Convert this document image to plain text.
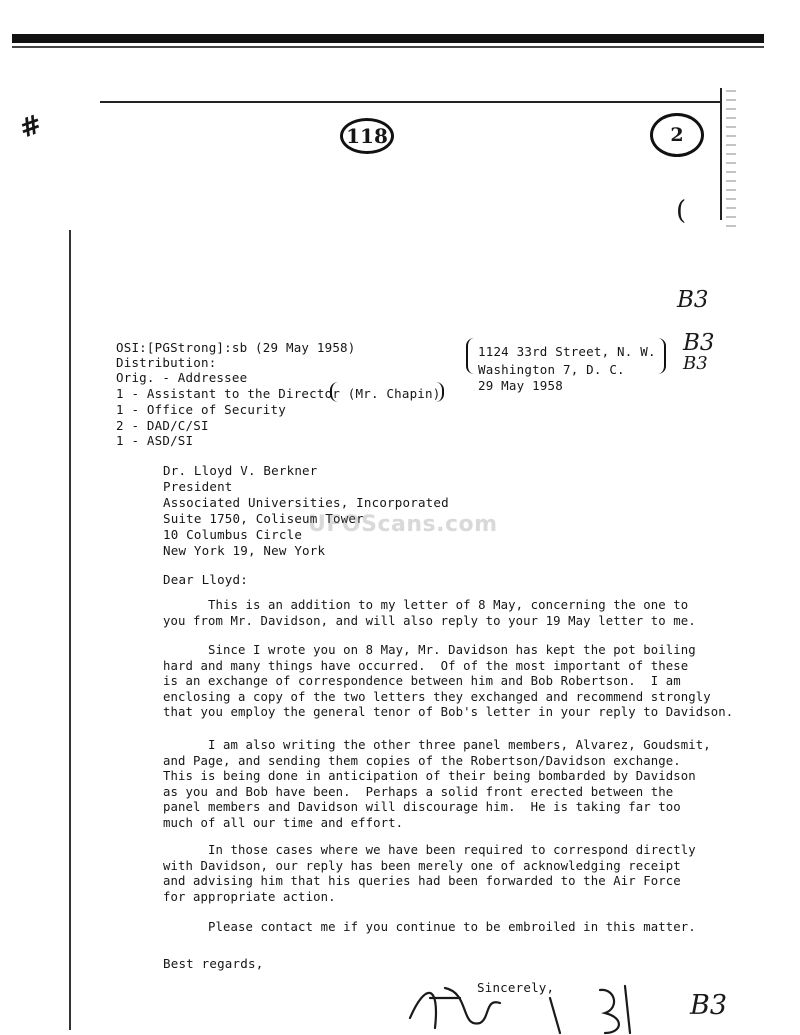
#	118	2
(
B3
B3
B3
B3
OSI:[PGStrong]:sb (29 May 1958)
Distribution:
Orig. - Addressee
1 - Assistant to the Director (Mr. Chapin)
1 - Office of Security
2 - DAD/C/SI
1 - ASD/SI
1124 33rd Street, N. W.
Washington 7, D. C.
29 May 1958
Dr. Lloyd V. Berkner
President
Associated Universities, Incorporated
Suite 1750, Coliseum Tower
10 Columbus Circle
New York 19, New York
UFOScans.com
Dear Lloyd:
This is an addition to my letter of 8 May, concerning the one to
you from Mr. Davidson, and will also reply to your 19 May letter to me.
Since I wrote you on 8 May, Mr. Davidson has kept the pot boiling
hard and many things have occurred.  Of of the most important of these
is an exchange of correspondence between him and Bob Robertson.  I am
enclosing a copy of the two letters they exchanged and recommend strongly
that you employ the general tenor of Bob's letter in your reply to Davidson.
I am also writing the other three panel members, Alvarez, Goudsmit,
and Page, and sending them copies of the Robertson/Davidson exchange.
This is being done in anticipation of their being bombarded by Davidson
as you and Bob have been.  Perhaps a solid front erected between the
panel members and Davidson will discourage him.  He is taking far too
much of all our time and effort.
In those cases where we have been required to correspond directly
with Davidson, our reply has been merely one of acknowledging receipt
and advising him that his queries had been forwarded to the Air Force
for appropriate action.
Please contact me if you continue to be embroiled in this matter.
Best regards,
Sincerely,
